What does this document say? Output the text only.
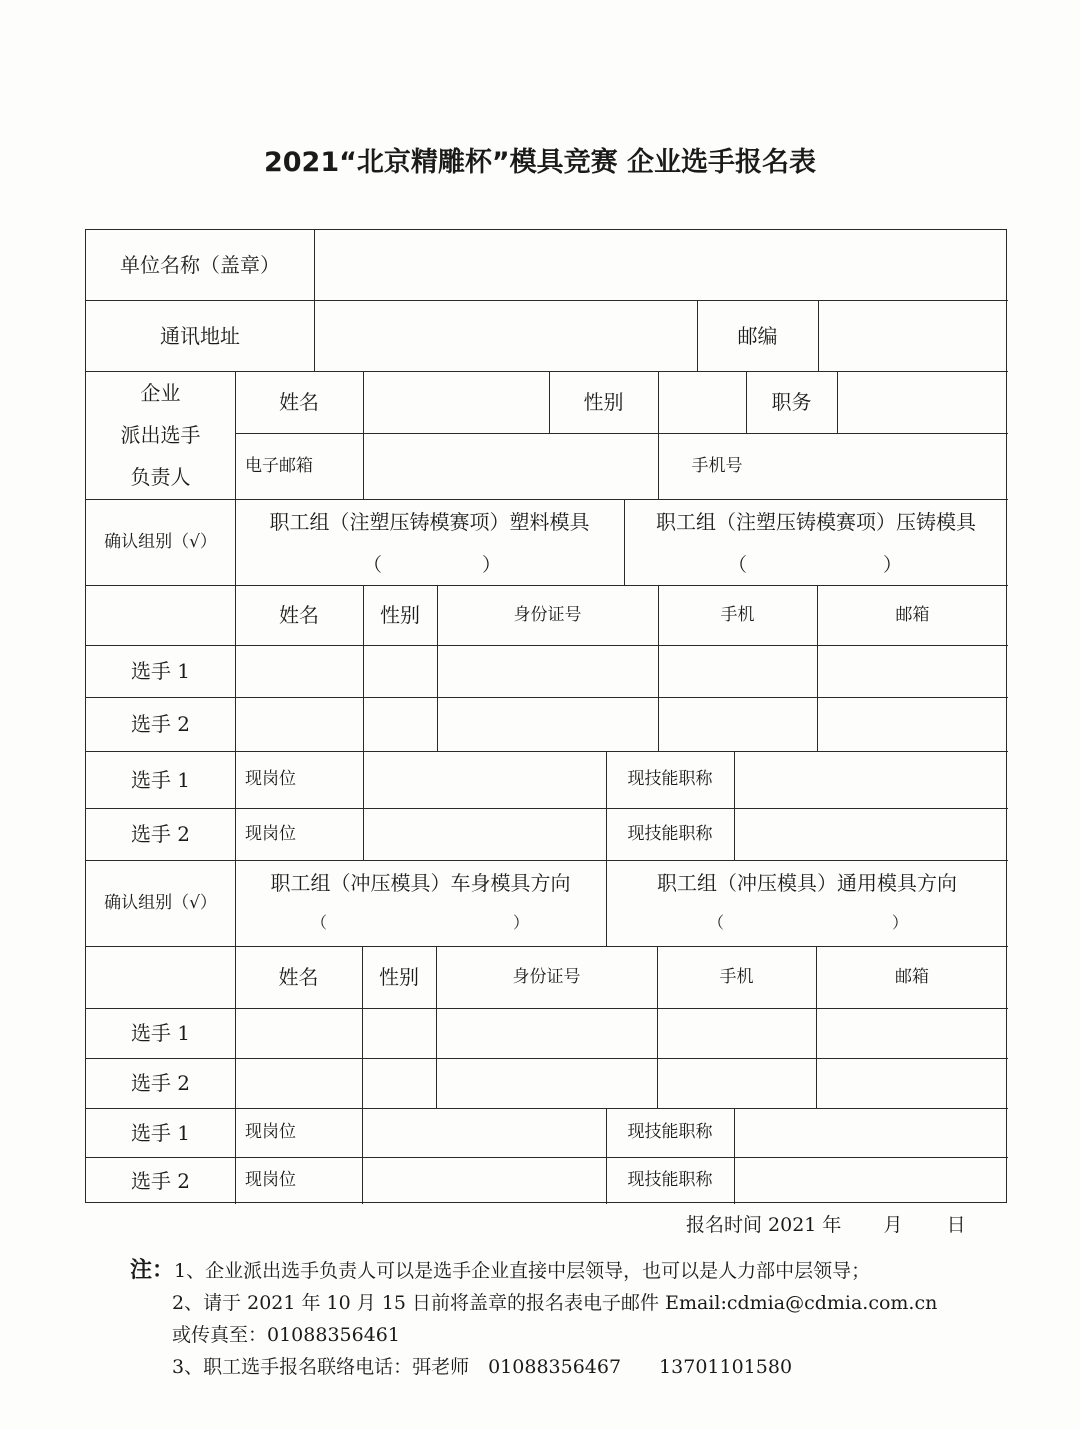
2021“北京精雕杯”模具竞赛 企业选手报名表
单位名称（盖章）
通讯地址	邮编
企业
派出选手
负责人
姓名	性别	职务
电子邮箱	手机号
确认组别（√）
职工组（注塑压铸模赛项）塑料模具
（	）
职工组（注塑压铸模赛项）压铸模具
（	）
姓名	性别	身份证号	手机	邮箱
选手 1
选手 2
选手 1	现岗位	现技能职称
选手 2	现岗位	现技能职称
确认组别（√）
职工组（冲压模具）车身模具方向
（	）
职工组（冲压模具）通用模具方向
（	）
姓名	性别	身份证号	手机	邮箱
选手 1
选手 2
选手 1	现岗位	现技能职称
选手 2	现岗位	现技能职称
报名时间 2021 年 月 日
注：1、企业派出选手负责人可以是选手企业直接中层领导，也可以是人力部中层领导；
2、请于 2021 年 10 月 15 日前将盖章的报名表电子邮件 Email:cdmia@cdmia.com.cn
或传真至：01088356461
3、职工选手报名联络电话：弭老师　01088356467　　13701101580
